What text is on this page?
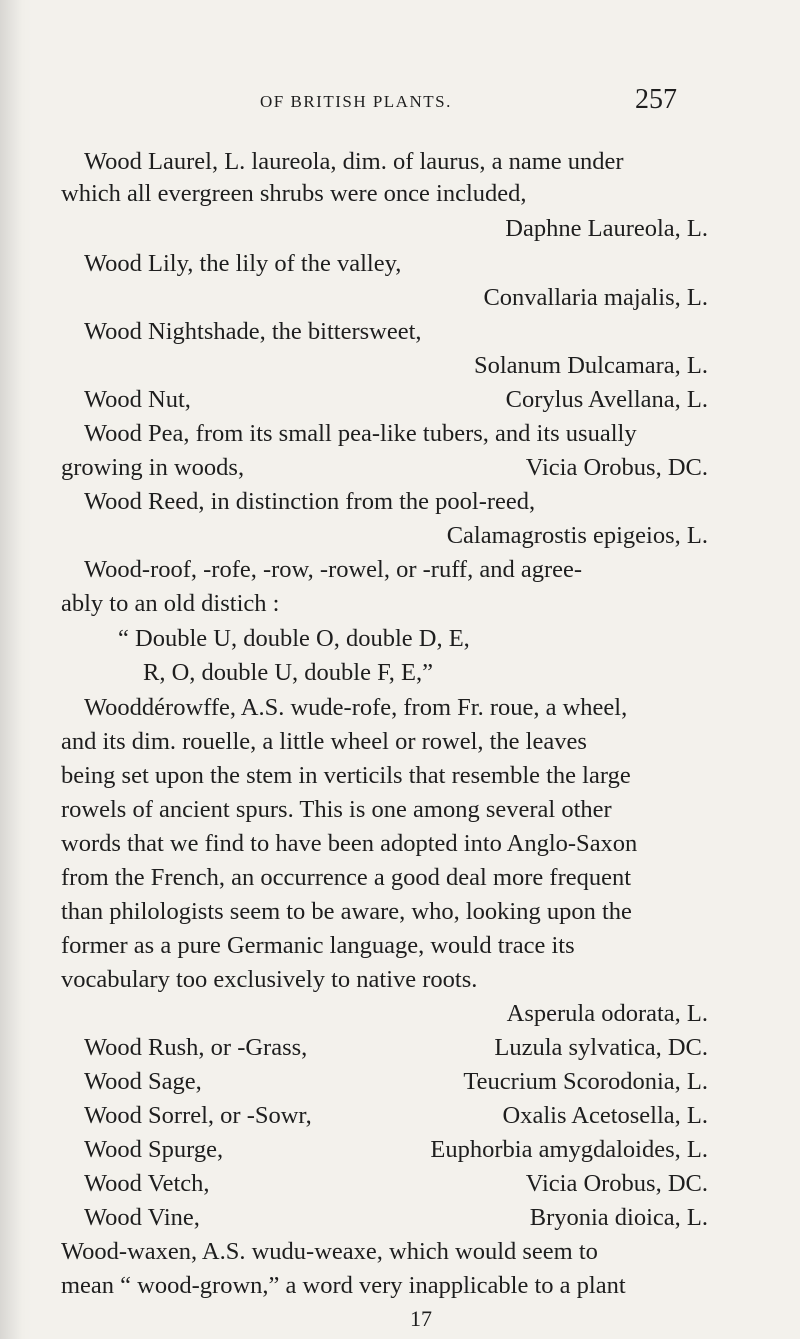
OF BRITISH PLANTS.	257
Wood Laurel, L. laureola, dim. of laurus, a name under
which all evergreen shrubs were once included,
Daphne Laureola, L.
Wood Lily, the lily of the valley,
Convallaria majalis, L.
Wood Nightshade, the bittersweet,
Solanum Dulcamara, L.
Wood Nut,	Corylus Avellana, L.
Wood Pea, from its small pea-like tubers, and its usually
growing in woods,	Vicia Orobus, DC.
Wood Reed, in distinction from the pool-reed,
Calamagrostis epigeios, L.
Wood-roof, -rofe, -row, -rowel, or -ruff, and agree-
ably to an old distich :
“ Double U, double O, double D, E,
R, O, double U, double F, E,”
Wooddérowffe, A.S. wude-rofe, from Fr. roue, a wheel,
and its dim. rouelle, a little wheel or rowel, the leaves
being set upon the stem in verticils that resemble the large
rowels of ancient spurs. This is one among several other
words that we find to have been adopted into Anglo-Saxon
from the French, an occurrence a good deal more frequent
than philologists seem to be aware, who, looking upon the
former as a pure Germanic language, would trace its
vocabulary too exclusively to native roots.
Asperula odorata, L.
Wood Rush, or -Grass,	Luzula sylvatica, DC.
Wood Sage,	Teucrium Scorodonia, L.
Wood Sorrel, or -Sowr,	Oxalis Acetosella, L.
Wood Spurge,	Euphorbia amygdaloides, L.
Wood Vetch,	Vicia Orobus, DC.
Wood Vine,	Bryonia dioica, L.
Wood-waxen, A.S. wudu-weaxe, which would seem to
mean “ wood-grown,” a word very inapplicable to a plant
17
